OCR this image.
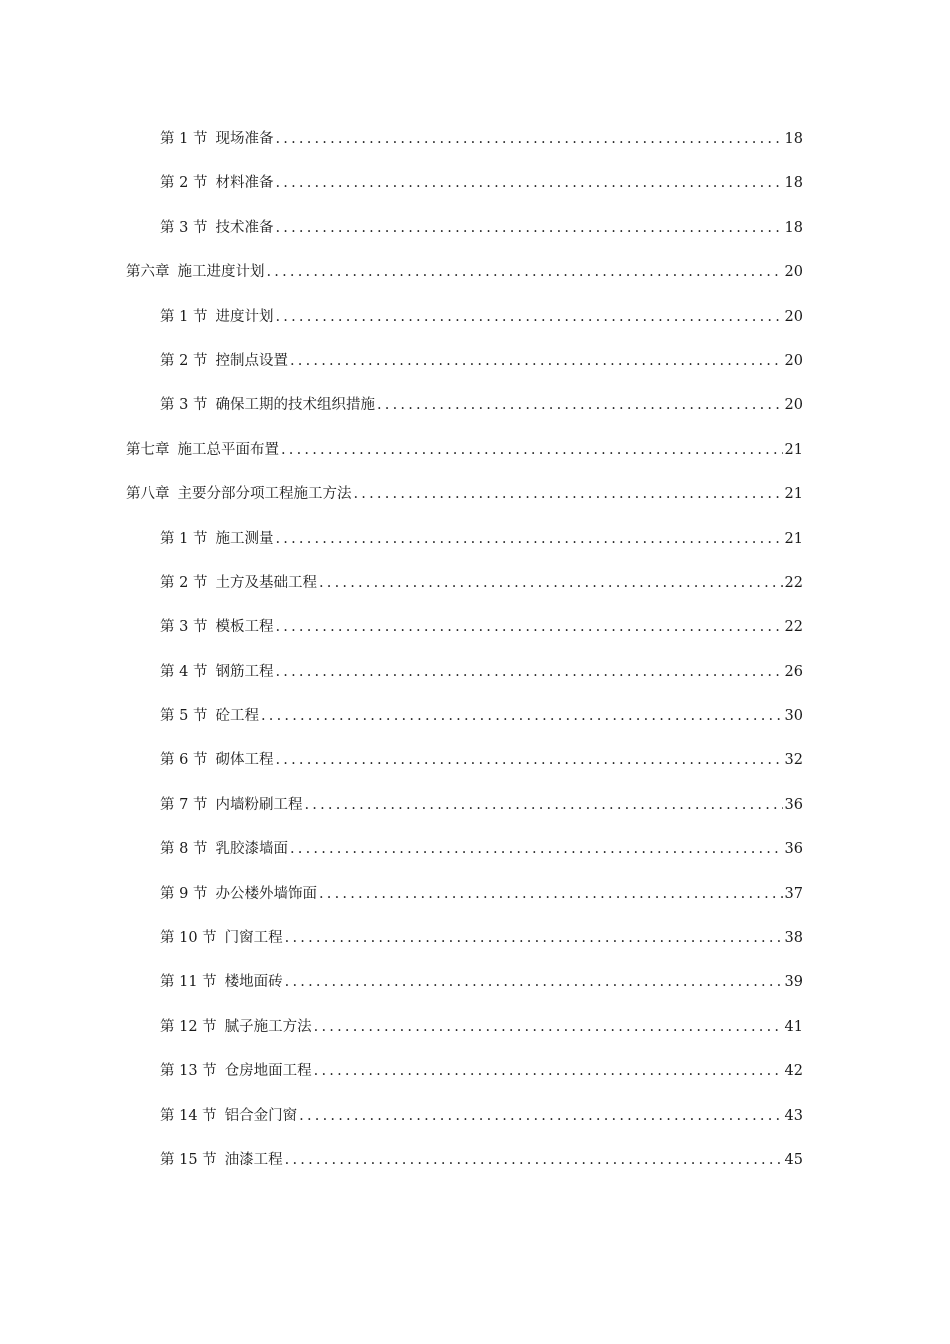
第 1 节 现场准备 .....	18
第 2 节 材料准备 .....	18
第 3 节 技术准备 .....	18
第六章 施工进度计划 .....	20
第 1 节 进度计划 .....	20
第 2 节 控制点设置 .....	20
第 3 节 确保工期的技术组织措施 .....	20
第七章 施工总平面布置 .....	21
第八章 主要分部分项工程施工方法 .....	21
第 1 节 施工测量 .....	21
第 2 节 土方及基础工程 .....	22
第 3 节 模板工程 .....	22
第 4 节 钢筋工程 .....	26
第 5 节 砼工程 .....	30
第 6 节 砌体工程 .....	32
第 7 节 内墙粉刷工程 .....	36
第 8 节 乳胶漆墙面 .....	36
第 9 节 办公楼外墙饰面 .....	37
第 10 节 门窗工程 .....	38
第 11 节 楼地面砖 .....	39
第 12 节 腻子施工方法 .....	41
第 13 节 仓房地面工程 .....	42
第 14 节 铝合金门窗 .....	43
第 15 节 油漆工程 .....	45
